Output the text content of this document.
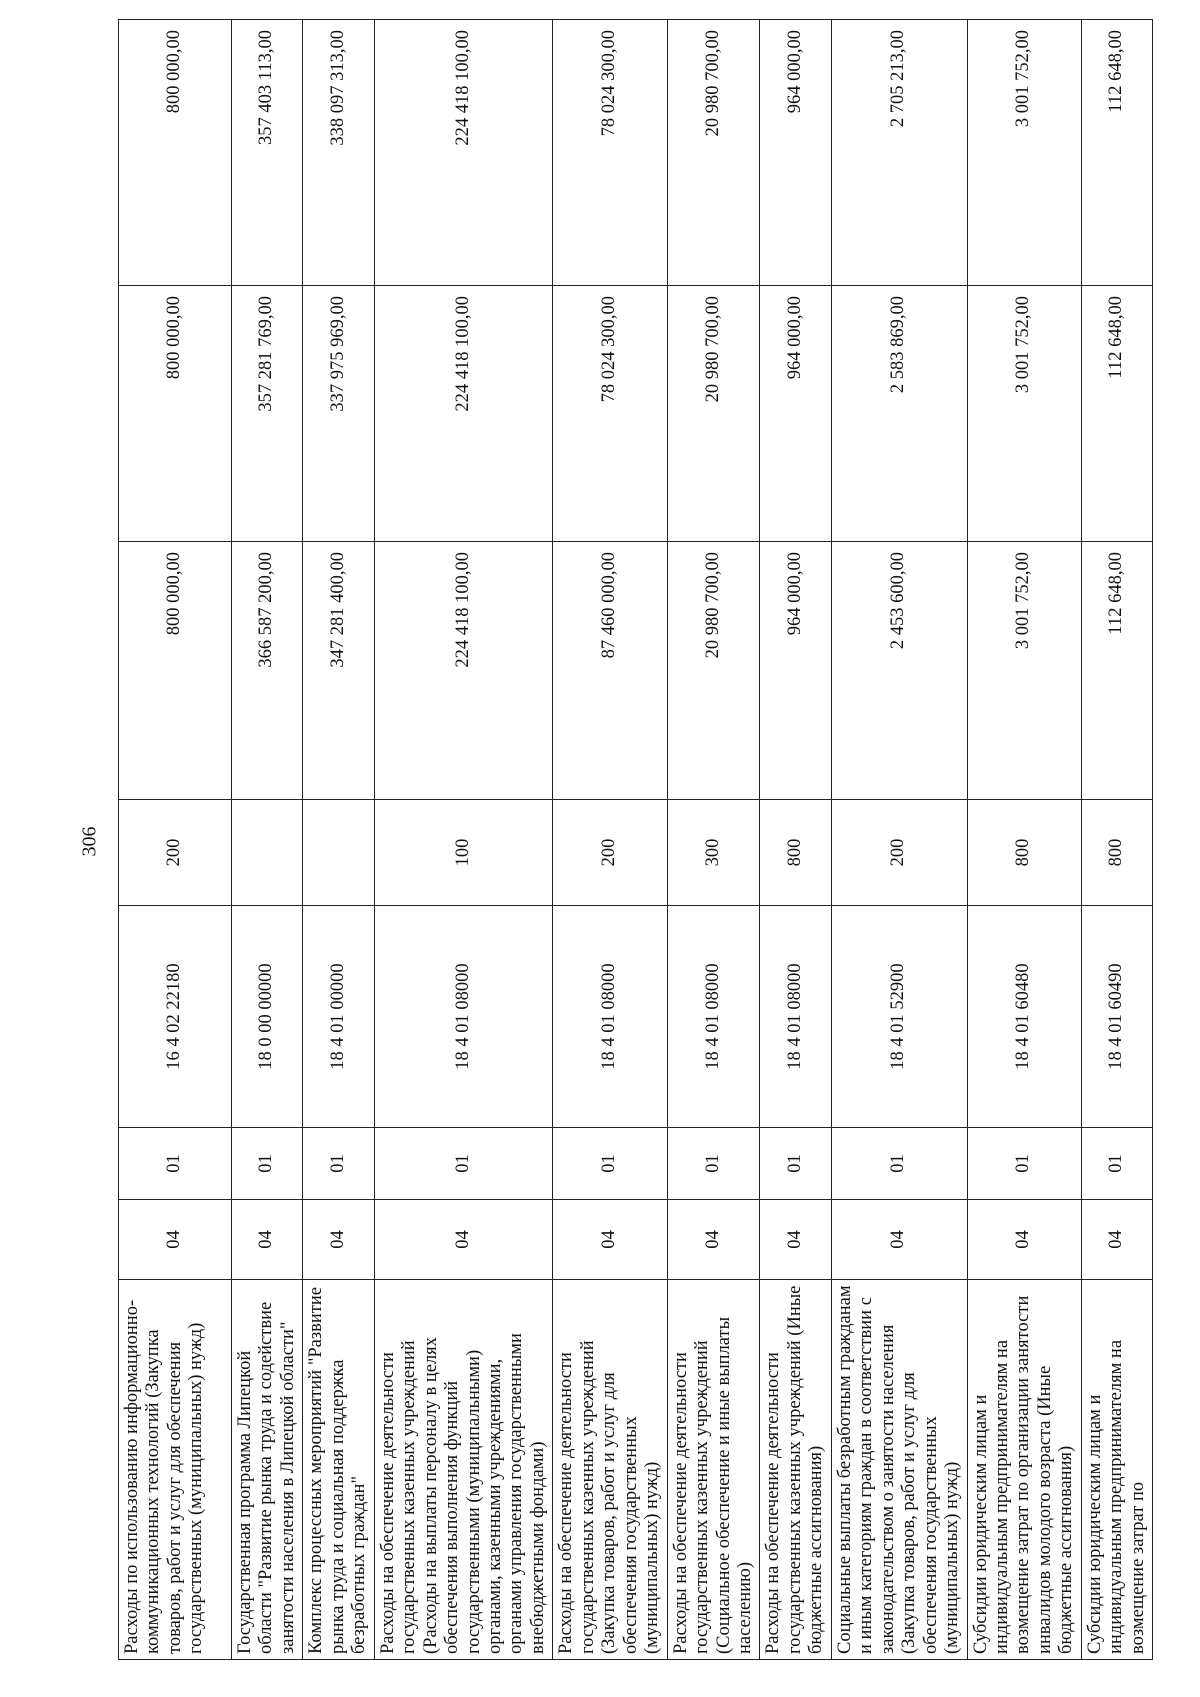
306
Расходы по использованию информационно-коммуникационных технологий (Закупка товаров, работ и услуг для обеспечения государственных (муниципальных) нужд)	04	01	16 4 02 22180	200	800 000,00	800 000,00	800 000,00
Государственная программа Липецкой области "Развитие рынка труда и содействие занятости населения в Липецкой области"	04	01	18 0 00 00000		366 587 200,00	357 281 769,00	357 403 113,00
Комплекс процессных мероприятий "Развитие рынка труда и социальная поддержка безработных граждан"	04	01	18 4 01 00000		347 281 400,00	337 975 969,00	338 097 313,00
Расходы на обеспечение деятельности государственных казенных учреждений (Расходы на выплаты персоналу в целях обеспечения выполнения функций государственными (муниципальными) органами, казенными учреждениями, органами управления государственными внебюджетными фондами)	04	01	18 4 01 08000	100	224 418 100,00	224 418 100,00	224 418 100,00
Расходы на обеспечение деятельности государственных казенных учреждений (Закупка товаров, работ и услуг для обеспечения государственных (муниципальных) нужд)	04	01	18 4 01 08000	200	87 460 000,00	78 024 300,00	78 024 300,00
Расходы на обеспечение деятельности государственных казенных учреждений (Социальное обеспечение и иные выплаты населению)	04	01	18 4 01 08000	300	20 980 700,00	20 980 700,00	20 980 700,00
Расходы на обеспечение деятельности государственных казенных учреждений (Иные бюджетные ассигнования)	04	01	18 4 01 08000	800	964 000,00	964 000,00	964 000,00
Социальные выплаты безработным гражданам и иным категориям граждан в соответствии с законодательством о занятости населения (Закупка товаров, работ и услуг для обеспечения государственных (муниципальных) нужд)	04	01	18 4 01 52900	200	2 453 600,00	2 583 869,00	2 705 213,00
Субсидии юридическим лицам и индивидуальным предпринимателям на возмещение затрат по организации занятости инвалидов молодого возраста (Иные бюджетные ассигнования)	04	01	18 4 01 60480	800	3 001 752,00	3 001 752,00	3 001 752,00
Субсидии юридическим лицам и индивидуальным предпринимателям на возмещение затрат по	04	01	18 4 01 60490	800	112 648,00	112 648,00	112 648,00
